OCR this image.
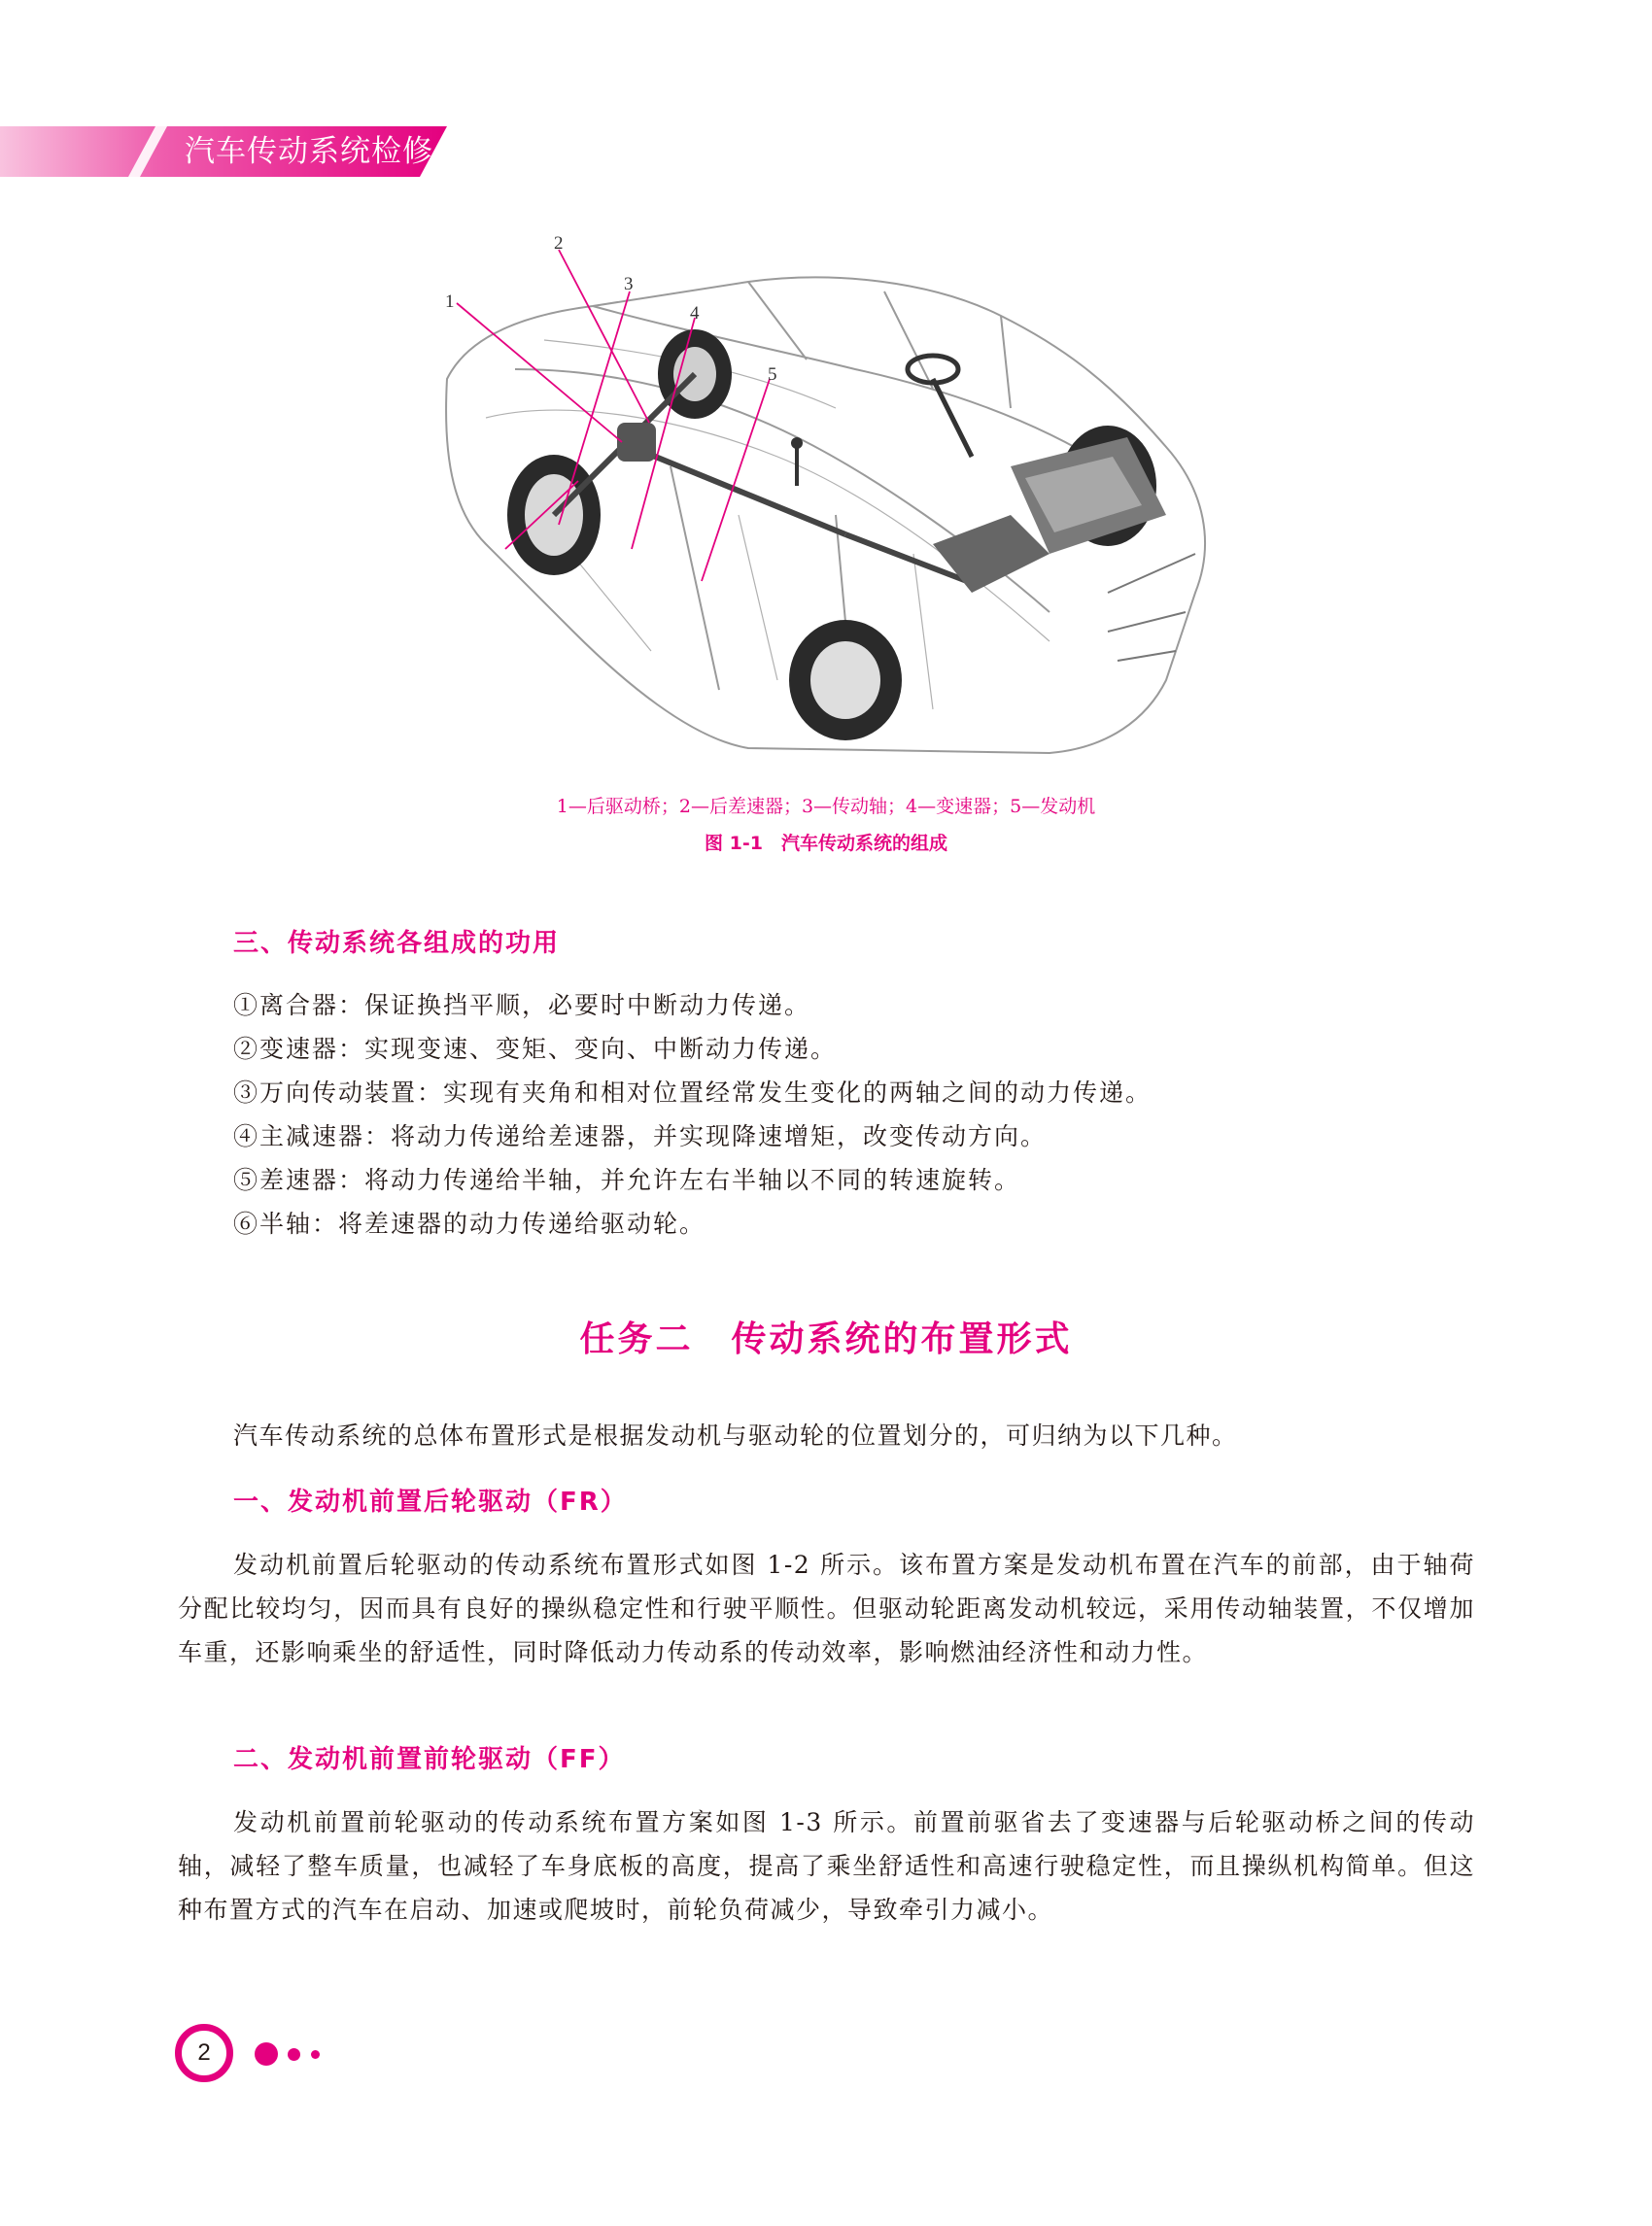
汽车传动系统检修
1
2
3
4
5
1—后驱动桥；2—后差速器；3—传动轴；4—变速器；5—发动机
图 1-1　汽车传动系统的组成
三、传动系统各组成的功用
①离合器：保证换挡平顺，必要时中断动力传递。
②变速器：实现变速、变矩、变向、中断动力传递。
③万向传动装置：实现有夹角和相对位置经常发生变化的两轴之间的动力传递。
④主减速器：将动力传递给差速器，并实现降速增矩，改变传动方向。
⑤差速器：将动力传递给半轴，并允许左右半轴以不同的转速旋转。
⑥半轴：将差速器的动力传递给驱动轮。
任务二　传动系统的布置形式
汽车传动系统的总体布置形式是根据发动机与驱动轮的位置划分的，可归纳为以下几种。
一、发动机前置后轮驱动（FR）
发动机前置后轮驱动的传动系统布置形式如图 1-2 所示。该布置方案是发动机布置在汽车的前部，由于轴荷分配比较均匀，因而具有良好的操纵稳定性和行驶平顺性。但驱动轮距离发动机较远，采用传动轴装置，不仅增加车重，还影响乘坐的舒适性，同时降低动力传动系的传动效率，影响燃油经济性和动力性。
二、发动机前置前轮驱动（FF）
发动机前置前轮驱动的传动系统布置方案如图 1-3 所示。前置前驱省去了变速器与后轮驱动桥之间的传动轴，减轻了整车质量，也减轻了车身底板的高度，提高了乘坐舒适性和高速行驶稳定性，而且操纵机构简单。但这种布置方式的汽车在启动、加速或爬坡时，前轮负荷减少，导致牵引力减小。
2
